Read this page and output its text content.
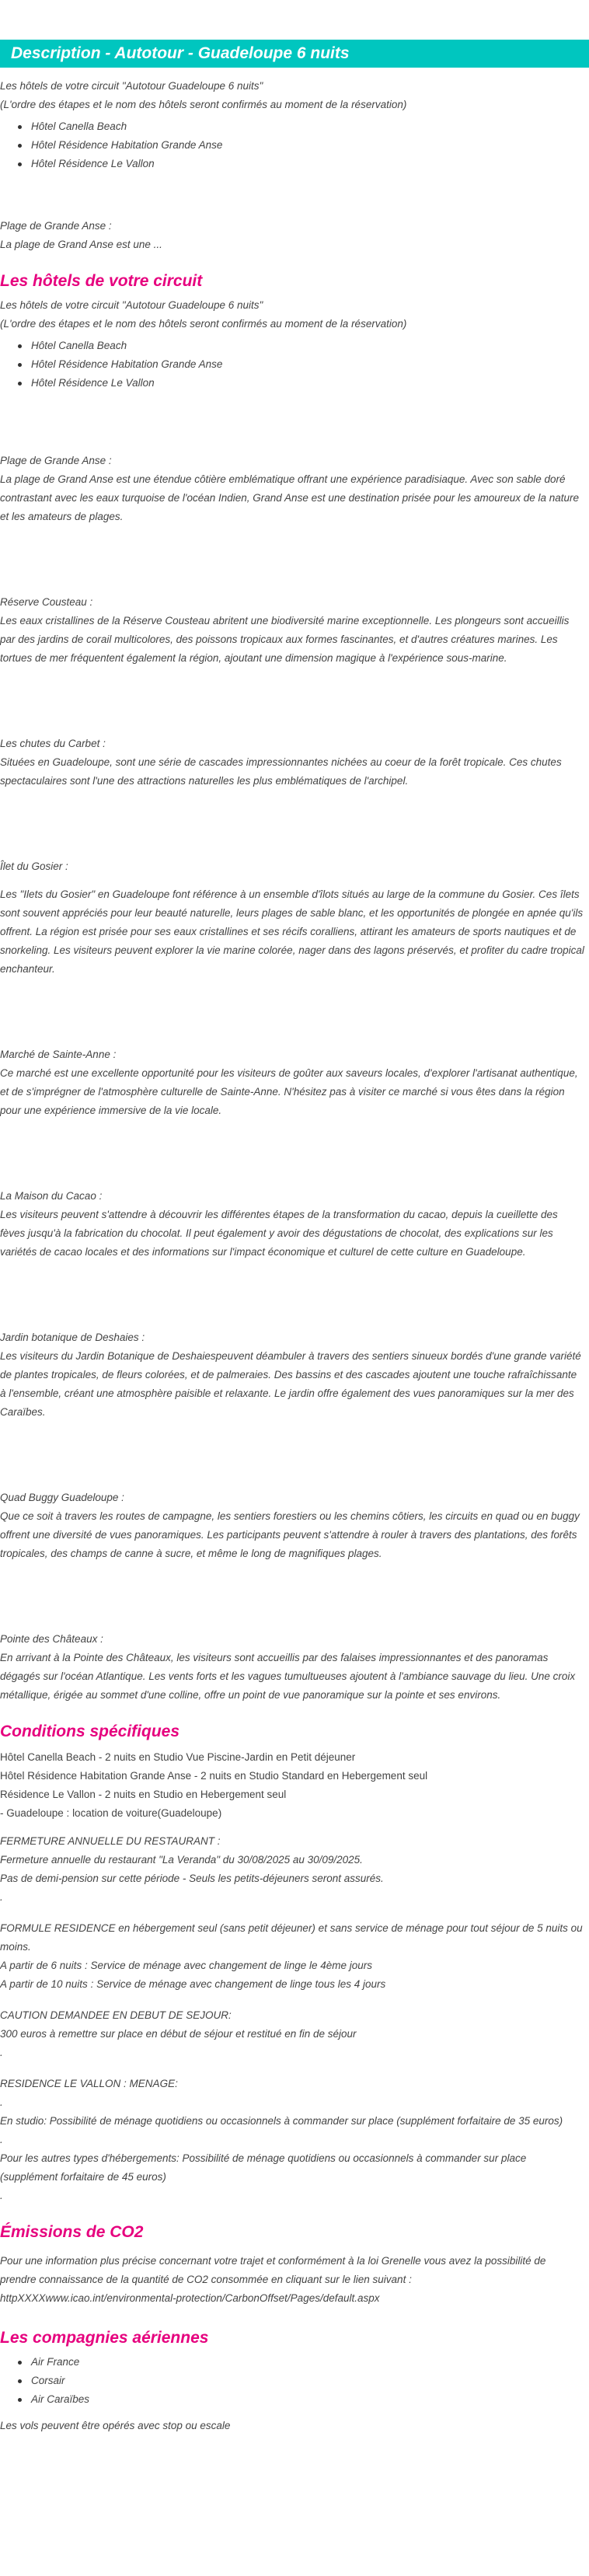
Description - Autotour - Guadeloupe 6 nuits

Les hôtels de votre circuit "Autotour Guadeloupe 6 nuits"

(L'ordre des étapes et le nom des hôtels seront confirmés au moment de la réservation)

Hôtel Canella Beach
Hôtel Résidence Habitation Grande Anse
Hôtel Résidence Le Vallon

Plage de Grande Anse :

La plage de Grand Anse est une ...

Les hôtels de votre circuit

Les hôtels de votre circuit "Autotour Guadeloupe 6 nuits"

(L'ordre des étapes et le nom des hôtels seront confirmés au moment de la réservation)

Hôtel Canella Beach
Hôtel Résidence Habitation Grande Anse
Hôtel Résidence Le Vallon

Plage de Grande Anse :

La plage de Grand Anse est une étendue côtière emblématique offrant une expérience paradisiaque. Avec son sable doré contrastant avec les eaux turquoise de l'océan Indien, Grand Anse est une destination prisée pour les amoureux de la nature et les amateurs de plages.

Réserve Cousteau :

Les eaux cristallines de la Réserve Cousteau abritent une biodiversité marine exceptionnelle. Les plongeurs sont accueillis par des jardins de corail multicolores, des poissons tropicaux aux formes fascinantes, et d'autres créatures marines. Les tortues de mer fréquentent également la région, ajoutant une dimension magique à l'expérience sous-marine.

Les chutes du Carbet :

Situées en Guadeloupe, sont une série de cascades impressionnantes nichées au coeur de la forêt tropicale. Ces chutes spectaculaires sont l'une des attractions naturelles les plus emblématiques de l'archipel.

Îlet du Gosier :

Les "Ilets du Gosier" en Guadeloupe font référence à un ensemble d'îlots situés au large de la commune du Gosier. Ces îlets sont souvent appréciés pour leur beauté naturelle, leurs plages de sable blanc, et les opportunités de plongée en apnée qu'ils offrent. La région est prisée pour ses eaux cristallines et ses récifs coralliens, attirant les amateurs de sports nautiques et de snorkeling. Les visiteurs peuvent explorer la vie marine colorée, nager dans des lagons préservés, et profiter du cadre tropical enchanteur.

Marché de Sainte-Anne :

Ce marché est une excellente opportunité pour les visiteurs de goûter aux saveurs locales, d'explorer l'artisanat authentique, et de s'imprégner de l'atmosphère culturelle de Sainte-Anne. N'hésitez pas à visiter ce marché si vous êtes dans la région pour une expérience immersive de la vie locale.

La Maison du Cacao :

Les visiteurs peuvent s'attendre à découvrir les différentes étapes de la transformation du cacao, depuis la cueillette des fèves jusqu'à la fabrication du chocolat. Il peut également y avoir des dégustations de chocolat, des explications sur les variétés de cacao locales et des informations sur l'impact économique et culturel de cette culture en Guadeloupe.

Jardin botanique de Deshaies :

Les visiteurs du Jardin Botanique de Deshaiespeuvent déambuler à travers des sentiers sinueux bordés d'une grande variété de plantes tropicales, de fleurs colorées, et de palmeraies. Des bassins et des cascades ajoutent une touche rafraîchissante à l'ensemble, créant une atmosphère paisible et relaxante. Le jardin offre également des vues panoramiques sur la mer des Caraïbes.

Quad Buggy Guadeloupe :

Que ce soit à travers les routes de campagne, les sentiers forestiers ou les chemins côtiers, les circuits en quad ou en buggy offrent une diversité de vues panoramiques. Les participants peuvent s'attendre à rouler à travers des plantations, des forêts tropicales, des champs de canne à sucre, et même le long de magnifiques plages.

Pointe des Châteaux :

En arrivant à la Pointe des Châteaux, les visiteurs sont accueillis par des falaises impressionnantes et des panoramas dégagés sur l'océan Atlantique. Les vents forts et les vagues tumultueuses ajoutent à l'ambiance sauvage du lieu. Une croix métallique, érigée au sommet d'une colline, offre un point de vue panoramique sur la pointe et ses environs.

Conditions spécifiques

Hôtel Canella Beach - 2 nuits en Studio Vue Piscine-Jardin en Petit déjeuner

Hôtel Résidence Habitation Grande Anse - 2 nuits en Studio Standard en Hebergement seul

Résidence Le Vallon - 2 nuits en Studio en Hebergement seul

- Guadeloupe : location de voiture(Guadeloupe)

FERMETURE ANNUELLE DU RESTAURANT :

Fermeture annuelle du restaurant "La Veranda" du 30/08/2025 au 30/09/2025.

Pas de demi-pension sur cette période - Seuls les petits-déjeuners seront assurés.

.

FORMULE RESIDENCE en hébergement seul (sans petit déjeuner) et sans service de ménage pour tout séjour de 5 nuits ou moins.

A partir de 6 nuits : Service de ménage avec changement de linge le 4ème jours

A partir de 10 nuits : Service de ménage avec changement de linge tous les 4 jours

CAUTION DEMANDEE EN DEBUT DE SEJOUR:

300 euros à remettre sur place en début de séjour et restitué en fin de séjour

.

RESIDENCE LE VALLON : MENAGE:

.

En studio: Possibilité de ménage quotidiens ou occasionnels à commander sur place (supplément forfaitaire de 35 euros)

.

Pour les autres types d'hébergements: Possibilité de ménage quotidiens ou occasionnels à commander sur place (supplément forfaitaire de 45 euros)

.

Émissions de CO2

Pour une information plus précise concernant votre trajet et conformément à la loi Grenelle vous avez la possibilité de prendre connaissance de la quantité de CO2 consommée en cliquant sur le lien suivant : httpXXXXwww.icao.int/environmental-protection/CarbonOffset/Pages/default.aspx

Les compagnies aériennes
Air France
Corsair
Air Caraïbes

Les vols peuvent être opérés avec stop ou escale
